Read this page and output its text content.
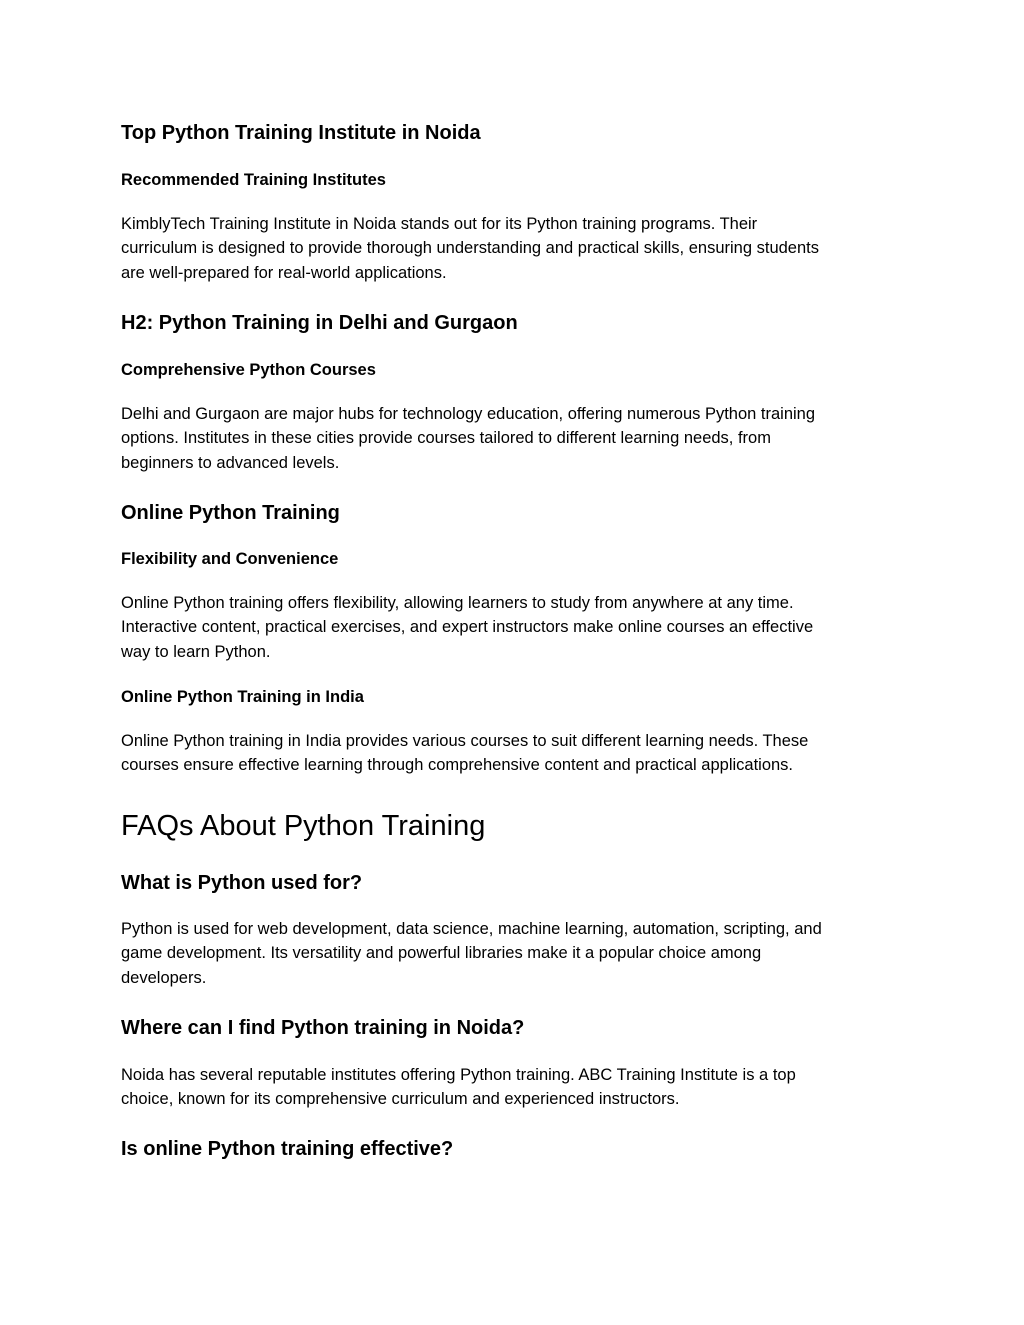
Top Python Training Institute in Noida
Recommended Training Institutes

KimblyTech Training Institute in Noida stands out for its Python training programs. Their
curriculum is designed to provide thorough understanding and practical skills, ensuring students
are well-prepared for real-world applications.

H2: Python Training in Delhi and Gurgaon
Comprehensive Python Courses

Delhi and Gurgaon are major hubs for technology education, offering numerous Python training
options. Institutes in these cities provide courses tailored to different learning needs, from
beginners to advanced levels.

Online Python Training
Flexibility and Convenience

Online Python training offers flexibility, allowing learners to study from anywhere at any time.
Interactive content, practical exercises, and expert instructors make online courses an effective
way to learn Python.

Online Python Training in India

Online Python training in India provides various courses to suit different learning needs. These
courses ensure effective learning through comprehensive content and practical applications.

FAQs About Python Training
What is Python used for?

Python is used for web development, data science, machine learning, automation, scripting, and
game development. Its versatility and powerful libraries make it a popular choice among
developers.

Where can I find Python training in Noida?

Noida has several reputable institutes offering Python training. ABC Training Institute is a top
choice, known for its comprehensive curriculum and experienced instructors.

Is online Python training effective?
